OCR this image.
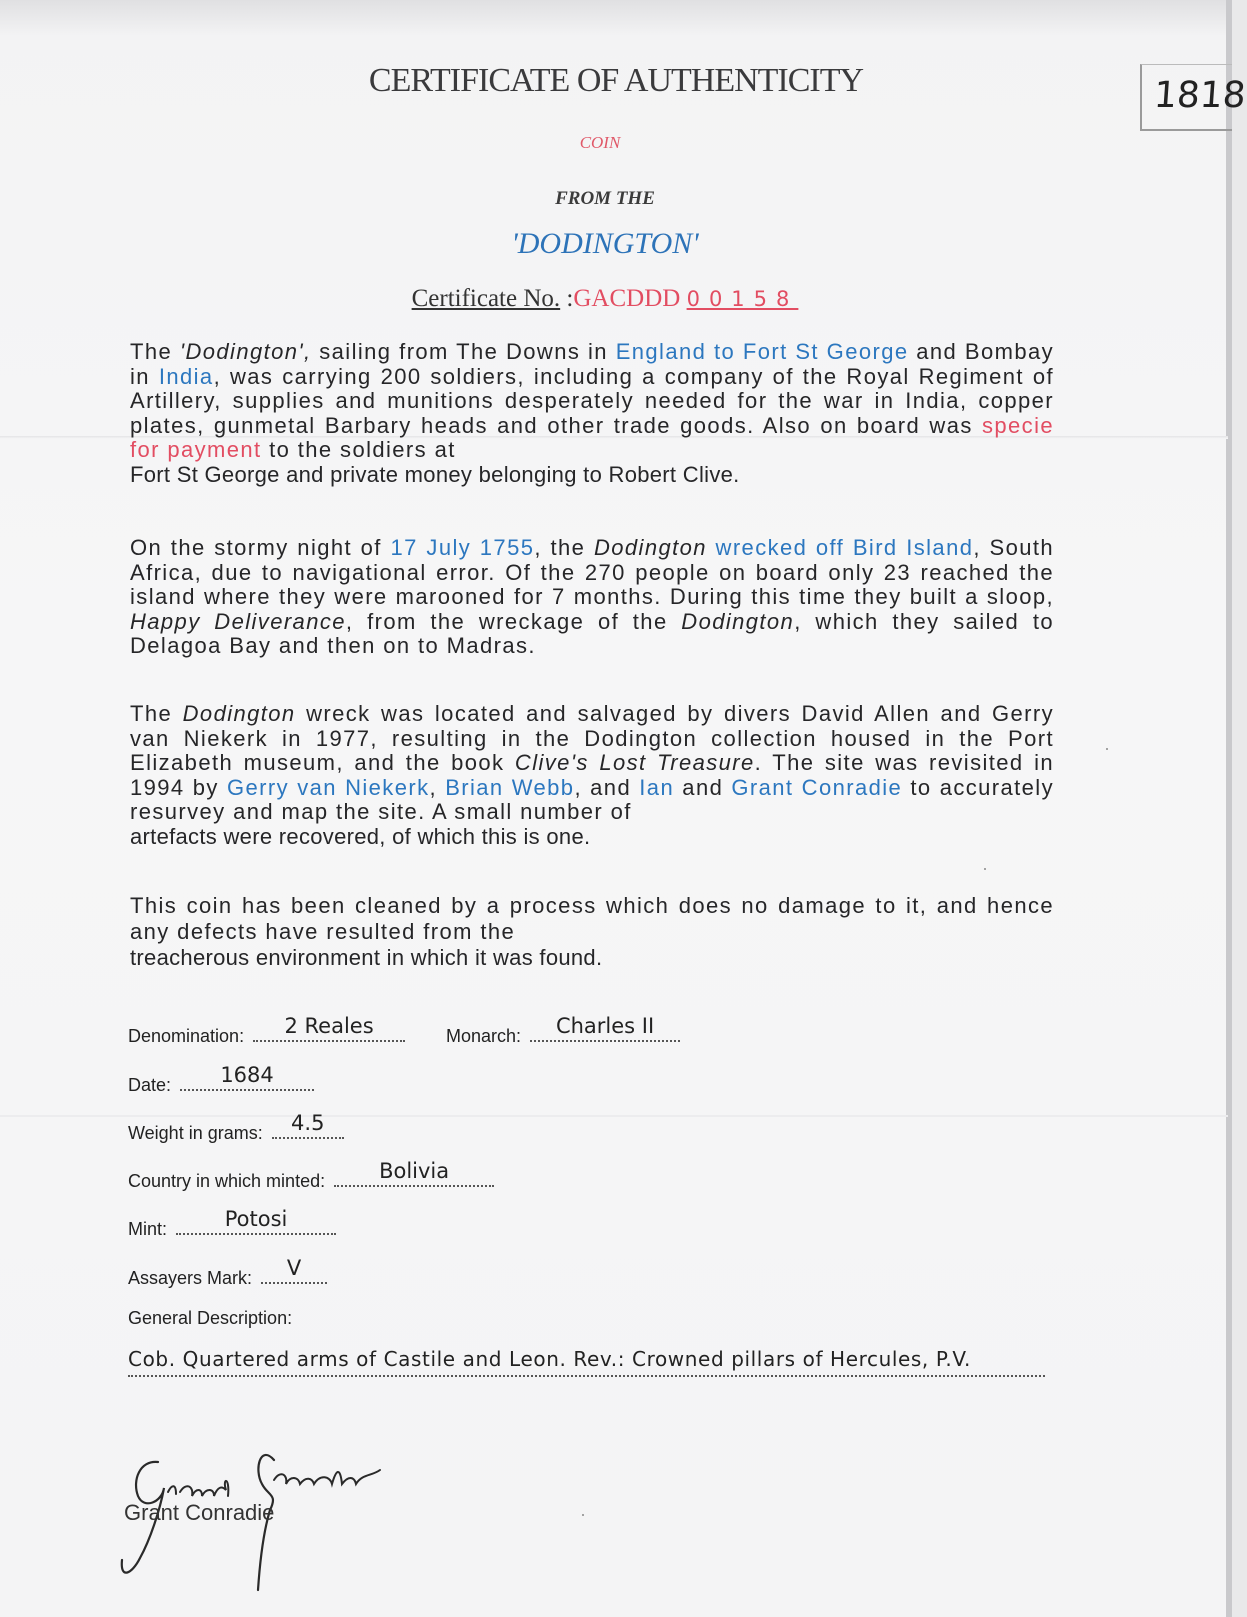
CERTIFICATE OF AUTHENTICITY	1818
COIN
FROM THE
'DODINGTON'
Certificate No. :GACDDD 00158
The 'Dodington', sailing from The Downs in England to Fort St George and Bombay in India, was carrying 200 soldiers, including a company of the Royal Regiment of Artillery, supplies and munitions desperately needed for the war in India, copper plates, gunmetal Barbary heads and other trade goods. Also on board was specie for payment to the soldiers at
Fort St George and private money belonging to Robert Clive.
On the stormy night of 17 July 1755, the Dodington wrecked off Bird Island, South Africa, due to navigational error. Of the 270 people on board only 23 reached the island where they were marooned for 7 months. During this time they built a sloop, Happy Deliverance, from the wreckage of the Dodington, which they sailed to Delagoa Bay and then on to Madras.
The Dodington wreck was located and salvaged by divers David Allen and Gerry van Niekerk in 1977, resulting in the Dodington collection housed in the Port Elizabeth museum, and the book Clive's Lost Treasure. The site was revisited in 1994 by Gerry van Niekerk, Brian Webb, and Ian and Grant Conradie to accurately resurvey and map the site. A small number of
artefacts were recovered, of which this is one.
This coin has been cleaned by a process which does no damage to it, and hence any defects have resulted from the
treacherous environment in which it was found.
Denomination:	2 Reales	Monarch:	Charles II
Date:	1684
Weight in grams:	4.5
Country in which minted:	Bolivia
Mint:	Potosi
Assayers Mark:	V
General Description:
Cob. Quartered arms of Castile and Leon. Rev.: Crowned pillars of Hercules, P.V.
Grant Conradie
